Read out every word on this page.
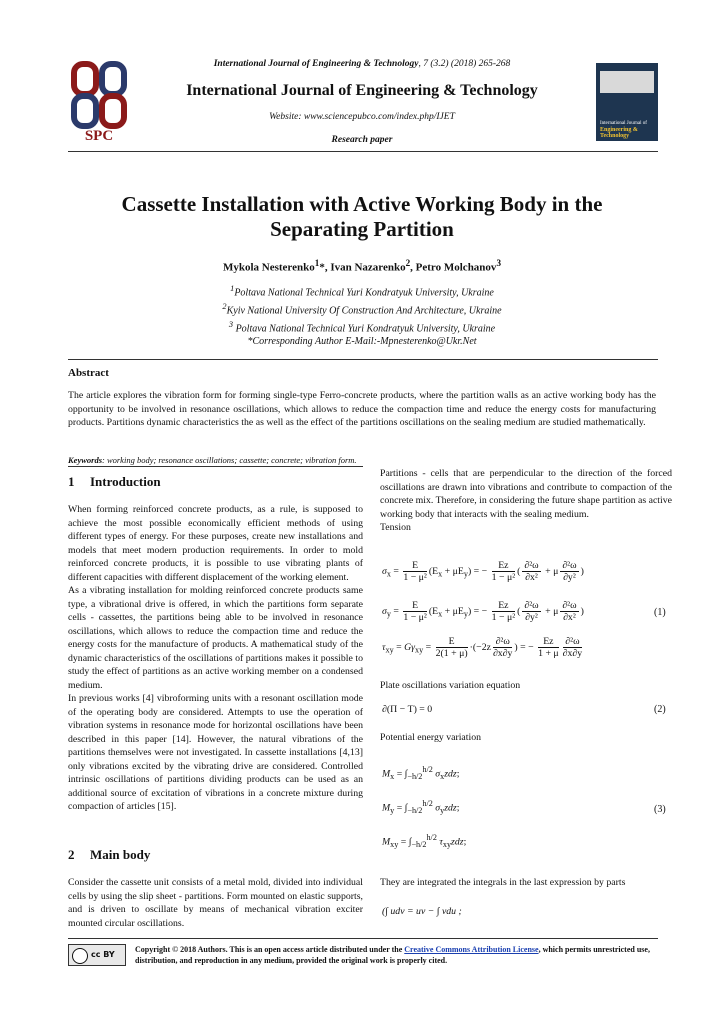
SPC
International Journal of Engineering & Technology, 7 (3.2) (2018) 265-268
International Journal of Engineering & Technology
Website: www.sciencepubco.com/index.php/IJET
Research paper
International Journal of
Engineering & Technology
Cassette Installation with Active Working Body in the
Separating Partition
Mykola Nesterenko$^1$*, Ivan Nazarenko$^2$, Petro Molchanov$^3$
$^1$Poltava National Technical Yuri Kondratyuk University, Ukraine
$^2$Kyiv National University Of Construction And Architecture, Ukraine
$^3$ Poltava National Technical Yuri Kondratyuk University, Ukraine
*Corresponding Author E-Mail:-Mpnesterenko@Ukr.Net
Abstract
The article explores the vibration form for forming single-type Ferro-concrete products, where the partition walls as an active working body has the opportunity to be involved in resonance oscillations, which allows to reduce the compaction time and reduce the energy costs for manufacturing products. Partitions dynamic characteristics the as well as the effect of the partitions oscillations on the sealing medium are studied mathematically.
Keywords: working body; resonance oscillations; cassette; concrete; vibration form.
1 Introduction

When forming reinforced concrete products, as a rule, is supposed to achieve the most possible economically efficient methods of using different types of energy. For these purposes, create new installations and models that meet modern production requirements. In order to mold reinforced concrete products, it is possible to use vibrating plants of different capacities with different displacement of the working element.

As a vibrating installation for molding reinforced concrete products same type, a vibrational drive is offered, in which the partitions form separate cells - cassettes, the partitions being able to be involved in resonance oscillations, which allows to reduce the compaction time and reduce the energy costs for the manufacture of products. A mathematical study of the dynamic characteristics of the oscillations of partitions makes it possible to study the effect of partitions as an active working member on a condensed medium.

In previous works [4] vibroforming units with a resonant oscillation mode of the operating body are considered. Attempts to use the operation of vibration systems in resonance mode for horizontal oscillations have been described in this paper [14]. However, the natural vibrations of the partitions themselves were not investigated. In cassette installations [4,13] only vibrations excited by the vibrating drive are considered. Controlled intrinsic oscillations of partitions dividing products can be used as an additional source of excitation of vibrations in a concrete mixture during compaction of articles [15].

2 Main body
Consider the cassette unit consists of a metal mold, divided into individual cells by using the slip sheet - partitions. Form mounted on elastic supports, and is driven to oscillate by means of mechanical vibration exciter mounted circular oscillations.

Partitions - cells that are perpendicular to the direction of the forced oscillations are drawn into vibrations and contribute to compaction of the concrete mix. Therefore, in considering the future shape partition as active working body that interacts with the sealing medium.

Tension

$\sigma_x = \frac{E}{\text{1 − μ²}} (E_x + \mu E_y)$ = − $\frac{Ez}{\text{1 − μ²}}$ ( $\frac{\text{∂²ω}}{\text{∂x²}} + \mu \frac{\text{∂²ω}}{\text{∂y²}}$ )
$\sigma_y = \frac{E}{\text{1 − μ²}} (E_x + \mu E_y)$ = − $\frac{Ez}{\text{1 − μ²}}$ ( $\frac{\text{∂²ω}}{\text{∂y²}} + \mu \frac{\text{∂²ω}}{\text{∂x²}}$ )
$\tau_{xy} = G\gamma_{xy} = \frac{E}{2(1 + \mu)} \cdot(-2z \frac{\text{∂²ω}}{\partial x\partial y}$ ) = − $\frac{Ez}{1 + \mu} \frac{\text{∂²ω}}{\partial x\partial y}$
(1)
Plate oscillations variation equation
∂(Π − T) = 0	(2)
Potential energy variation
$M_x = \int_{-h/2}^{h/2}$ $\sigma_xzdz$;
$M_y = \int_{-h/2}^{h/2}$ $\sigma_yzdz$;
$M_{xy} = \int_{-h/2}^{h/2}$ $\tau_{xy}zdz$;
(3)
They are integrated the integrals in the last expression by parts
(∫ udv = uv − ∫ vdu ;
cc BY
Copyright © 2018 Authors. This is an open access article distributed under the Creative Commons Attribution License, which permits unrestricted use, distribution, and reproduction in any medium, provided the original work is properly cited.
